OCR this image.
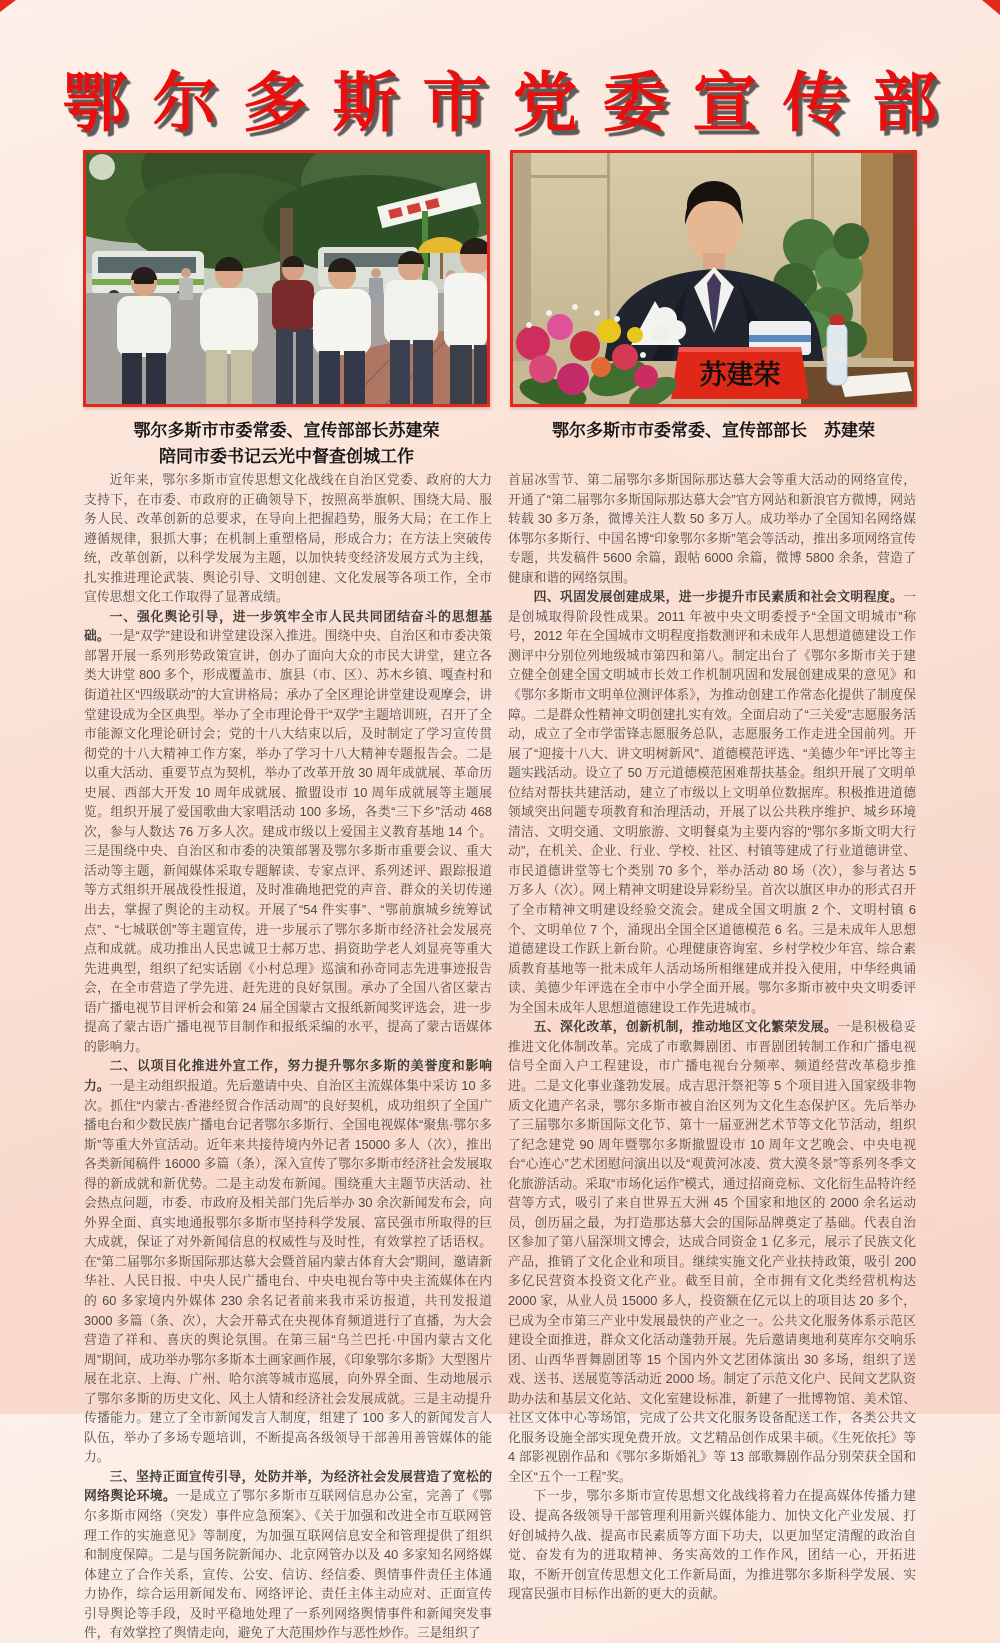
鄂尔多斯市党委宣传部
苏建荣
鄂尔多斯市市委常委、宣传部部长苏建荣
陪同市委书记云光中督查创城工作
鄂尔多斯市市委常委、宣传部部长　苏建荣

近年来，鄂尔多斯市宣传思想文化战线在自治区党委、政府的大力支持下，在市委、市政府的正确领导下，按照高举旗帜、围绕大局、服务人民、改革创新的总要求，在导向上把握趋势，服务大局；在工作上遵循规律，狠抓大事；在机制上重塑格局，形成合力；在方法上突破传统，改革创新，以科学发展为主题，以加快转变经济发展方式为主线，扎实推进理论武装、舆论引导、文明创建、文化发展等各项工作，全市宣传思想文化工作取得了显著成绩。

一、强化舆论引导，进一步筑牢全市人民共同团结奋斗的思想基础。一是“双学”建设和讲堂建设深入推进。围绕中央、自治区和市委决策部署开展一系列形势政策宣讲，创办了面向大众的市民大讲堂，建立各类大讲堂 800 多个，形成覆盖市、旗县（市、区）、苏木乡镇、嘎查村和街道社区“四级联动”的大宣讲格局；承办了全区理论讲堂建设观摩会，讲堂建设成为全区典型。举办了全市理论骨干“双学”主题培训班，召开了全市能源文化理论研讨会；党的十八大结束以后，及时制定了学习宣传贯彻党的十八大精神工作方案，举办了学习十八大精神专题报告会。二是以重大活动、重要节点为契机，举办了改革开放 30 周年成就展、革命历史展、西部大开发 10 周年成就展、撤盟设市 10 周年成就展等主题展览。组织开展了爱国歌曲大家唱活动 100 多场，各类“三下乡”活动 468 次，参与人数达 76 万多人次。建成市级以上爱国主义教育基地 14 个。三是围绕中央、自治区和市委的决策部署及鄂尔多斯市重要会议、重大活动等主题，新闻媒体采取专题解读、专家点评、系列述评、跟踪报道等方式组织开展战役性报道，及时准确地把党的声音、群众的关切传递出去，掌握了舆论的主动权。开展了“54 件实事”、“鄂前旗城乡统筹试点”、“七城联创”等主题宣传，进一步展示了鄂尔多斯市经济社会发展亮点和成就。成功推出人民忠诚卫士郝万忠、捐资助学老人刘显亮等重大先进典型，组织了纪实话剧《小村总理》巡演和孙奇同志先进事迹报告会，在全市营造了学先进、赶先进的良好氛围。承办了全国八省区蒙古语广播电视节目评析会和第 24 届全国蒙古文报纸新闻奖评选会，进一步提高了蒙古语广播电视节目制作和报纸采编的水平，提高了蒙古语媒体的影响力。

二、以项目化推进外宣工作，努力提升鄂尔多斯的美誉度和影响力。一是主动组织报道。先后邀请中央、自治区主流媒体集中采访 10 多次。抓住“内蒙古·香港经贸合作活动周”的良好契机，成功组织了全国广播电台和少数民族广播电台记者鄂尔多斯行、全国电视媒体“聚焦·鄂尔多斯”等重大外宣活动。近年来共接待境内外记者 15000 多人（次），推出各类新闻稿件 16000 多篇（条），深入宣传了鄂尔多斯市经济社会发展取得的新成就和新优势。二是主动发布新闻。围绕重大主题节庆活动、社会热点问题，市委、市政府及相关部门先后举办 30 余次新闻发布会，向外界全面、真实地通报鄂尔多斯市坚持科学发展、富民强市所取得的巨大成就，保证了对外新闻信息的权威性与及时性，有效掌控了话语权。在“第二届鄂尔多斯国际那达慕大会暨首届内蒙古体育大会”期间，邀请新华社、人民日报、中央人民广播电台、中央电视台等中央主流媒体在内的 60 多家境内外媒体 230 余名记者前来我市采访报道，共刊发报道 3000 多篇（条、次），大会开幕式在央视体育频道进行了直播，为大会营造了祥和、喜庆的舆论氛围。在第三届“乌兰巴托·中国内蒙古文化周”期间，成功举办鄂尔多斯本土画家画作展，《印象鄂尔多斯》大型图片展在北京、上海、广州、哈尔滨等城市巡展，向外界全面、生动地展示了鄂尔多斯的历史文化、风土人情和经济社会发展成就。三是主动提升传播能力。建立了全市新闻发言人制度，组建了 100 多人的新闻发言人队伍，举办了多场专题培训，不断提高各级领导干部善用善管媒体的能力。

三、坚持正面宣传引导，处防并举，为经济社会发展营造了宽松的网络舆论环境。一是成立了鄂尔多斯市互联网信息办公室，完善了《鄂尔多斯市网络（突发）事件应急预案》、《关于加强和改进全市互联网管理工作的实施意见》等制度，为加强互联网信息安全和管理提供了组织和制度保障。二是与国务院新闻办、北京网管办以及 40 多家知名网络媒体建立了合作关系，宣传、公安、信访、经信委、舆情事件责任主体通力协作，综合运用新闻发布、网络评论、责任主体主动应对、正面宣传引导舆论等手段，及时平稳地处理了一系列网络舆情事件和新闻突发事件，有效掌控了舆情走向，避免了大范围炒作与恶性炒作。三是组织了

首届冰雪节、第二届鄂尔多斯国际那达慕大会等重大活动的网络宣传，开通了“第二届鄂尔多斯国际那达慕大会”官方网站和新浪官方微博，网站转载 30 多万条，微博关注人数 50 多万人。成功举办了全国知名网络媒体鄂尔多斯行、中国名博“印象鄂尔多斯”笔会等活动，推出多项网络宣传专题，共发稿件 5600 余篇，跟帖 6000 余篇，微博 5800 余条，营造了健康和谐的网络氛围。

四、巩固发展创建成果，进一步提升市民素质和社会文明程度。一是创城取得阶段性成果。2011 年被中央文明委授予“全国文明城市”称号，2012 年在全国城市文明程度指数测评和未成年人思想道德建设工作测评中分别位列地级城市第四和第八。制定出台了《鄂尔多斯市关于建立健全创建全国文明城市长效工作机制巩固和发展创建成果的意见》和《鄂尔多斯市文明单位测评体系》，为推动创建工作常态化提供了制度保障。二是群众性精神文明创建扎实有效。全面启动了“三关爱”志愿服务活动，成立了全市学雷锋志愿服务总队，志愿服务工作走进全国前列。开展了“迎接十八大、讲文明树新风”、道德模范评选、“美德少年”评比等主题实践活动。设立了 50 万元道德模范困难帮扶基金。组织开展了文明单位结对帮扶共建活动，建立了市级以上文明单位数据库。积极推进道德领域突出问题专项教育和治理活动，开展了以公共秩序维护、城乡环境清洁、文明交通、文明旅游、文明餐桌为主要内容的“鄂尔多斯文明大行动”，在机关、企业、行业、学校、社区、村镇等建成了行业道德讲堂、市民道德讲堂等七个类别 70 多个，举办活动 80 场（次），参与者达 5 万多人（次）。网上精神文明建设异彩纷呈。首次以旗区申办的形式召开了全市精神文明建设经验交流会。建成全国文明旗 2 个、文明村镇 6 个、文明单位 7 个，涌现出全国全区道德模范 6 名。三是未成年人思想道德建设工作跃上新台阶。心理健康咨询室、乡村学校少年宫、综合素质教育基地等一批未成年人活动场所相继建成并投入使用，中华经典诵读、美德少年评选在全市中小学全面开展。鄂尔多斯市被中央文明委评为全国未成年人思想道德建设工作先进城市。

五、深化改革，创新机制，推动地区文化繁荣发展。一是积极稳妥推进文化体制改革。完成了市歌舞剧团、市晋剧团转制工作和广播电视信号全面入户工程建设，市广播电视台分频率、频道经营改革稳步推进。二是文化事业蓬勃发展。成吉思汗祭祀等 5 个项目进入国家级非物质文化遗产名录，鄂尔多斯市被自治区列为文化生态保护区。先后举办了三届鄂尔多斯国际文化节、第十一届亚洲艺术节等文化节活动，组织了纪念建党 90 周年暨鄂尔多斯撤盟设市 10 周年文艺晚会、中央电视台“心连心”艺术团慰问演出以及“观黄河冰凌、赏大漠冬景”等系列冬季文化旅游活动。采取“市场化运作”模式，通过招商竞标、文化衍生品特许经营等方式，吸引了来自世界五大洲 45 个国家和地区的 2000 余名运动员，创历届之最，为打造那达慕大会的国际品牌奠定了基础。代表自治区参加了第八届深圳文博会，达成合同资金 1 亿多元，展示了民族文化产品，推销了文化企业和项目。继续实施文化产业扶持政策，吸引 200 多亿民营资本投资文化产业。截至目前，全市拥有文化类经营机构达 2000 家，从业人员 15000 多人，投资额在亿元以上的项目达 20 多个，已成为全市第三产业中发展最快的产业之一。公共文化服务体系示范区建设全面推进，群众文化活动蓬勃开展。先后邀请奥地利莫库尔交响乐团、山西华晋舞剧团等 15 个国内外文艺团体演出 30 多场，组织了送戏、送书、送展览等活动近 2000 场。制定了示范文化户、民间文艺队资助办法和基层文化站、文化室建设标准，新建了一批博物馆、美术馆、社区文体中心等场馆，完成了公共文化服务设备配送工作，各类公共文化服务设施全部实现免费开放。文艺精品创作成果丰硕。《生死依托》等 4 部影视剧作品和《鄂尔多斯婚礼》等 13 部歌舞剧作品分别荣获全国和全区“五个一工程”奖。

下一步，鄂尔多斯市宣传思想文化战线将着力在提高媒体传播力建设、提高各级领导干部管理利用新兴媒体能力、加快文化产业发展、打好创城持久战、提高市民素质等方面下功夫，以更加坚定清醒的政治自觉、奋发有为的进取精神、务实高效的工作作风，团结一心，开拓进取，不断开创宣传思想文化工作新局面，为推进鄂尔多斯科学发展、实现富民强市目标作出新的更大的贡献。
